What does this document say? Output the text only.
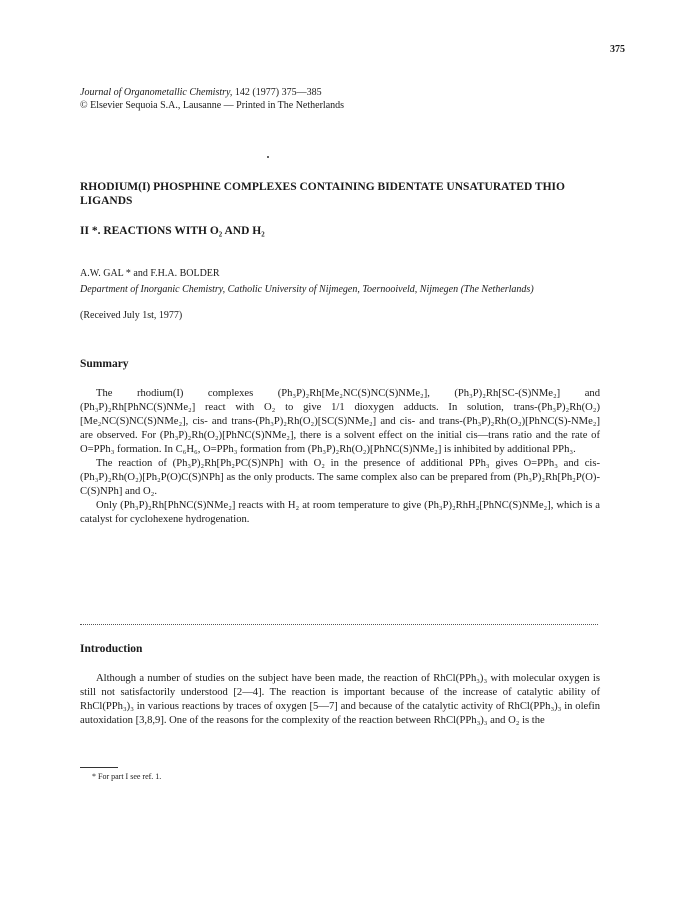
375
Journal of Organometallic Chemistry, 142 (1977) 375—385
© Elsevier Sequoia S.A., Lausanne — Printed in The Netherlands
RHODIUM(I) PHOSPHINE COMPLEXES CONTAINING BIDENTATE UNSATURATED THIO LIGANDS
II *. REACTIONS WITH O₂ AND H₂
A.W. GAL * and F.H.A. BOLDER
Department of Inorganic Chemistry, Catholic University of Nijmegen, Toernooiveld, Nijmegen (The Netherlands)
(Received July 1st, 1977)
Summary

The rhodium(I) complexes (Ph₃P)₂Rh[Me₂NC(S)NC(S)NMe₂], (Ph₃P)₂Rh[SC-(S)NMe₂] and (Ph₃P)₂Rh[PhNC(S)NMe₂] react with O₂ to give 1/1 dioxygen adducts. In solution, trans-(Ph₃P)₂Rh(O₂)[Me₂NC(S)NC(S)NMe₂], cis- and trans-(Ph₃P)₂Rh(O₂)[SC(S)NMe₂] and cis- and trans-(Ph₃P)₂Rh(O₂)[PhNC(S)-NMe₂] are observed. For (Ph₃P)₂Rh(O₂)[PhNC(S)NMe₂], there is a solvent effect on the initial cis—trans ratio and the rate of O=PPh₃ formation. In C₆H₆, O=PPh₃ formation from (Ph₃P)₂Rh(O₂)[PhNC(S)NMe₂] is inhibited by additional PPh₃.

The reaction of (Ph₃P)₂Rh[Ph₂PC(S)NPh] with O₂ in the presence of additional PPh₃ gives O=PPh₃ and cis-(Ph₃P)₂Rh(O₂)[Ph₂P(O)C(S)NPh] as the only products. The same complex also can be prepared from (Ph₃P)₂Rh[Ph₂P(O)-C(S)NPh] and O₂.

Only (Ph₃P)₂Rh[PhNC(S)NMe₂] reacts with H₂ at room temperature to give (Ph₃P)₂RhH₂[PhNC(S)NMe₂], which is a catalyst for cyclohexene hydrogenation.

Introduction

Although a number of studies on the subject have been made, the reaction of RhCl(PPh₃)₃ with molecular oxygen is still not satisfactorily understood [2—4]. The reaction is important because of the increase of catalytic ability of RhCl(PPh₃)₃ in various reactions by traces of oxygen [5—7] and because of the catalytic activity of RhCl(PPh₃)₃ in olefin autoxidation [3,8,9]. One of the reasons for the complexity of the reaction between RhCl(PPh₃)₃ and O₂ is the

* For part I see ref. 1.
